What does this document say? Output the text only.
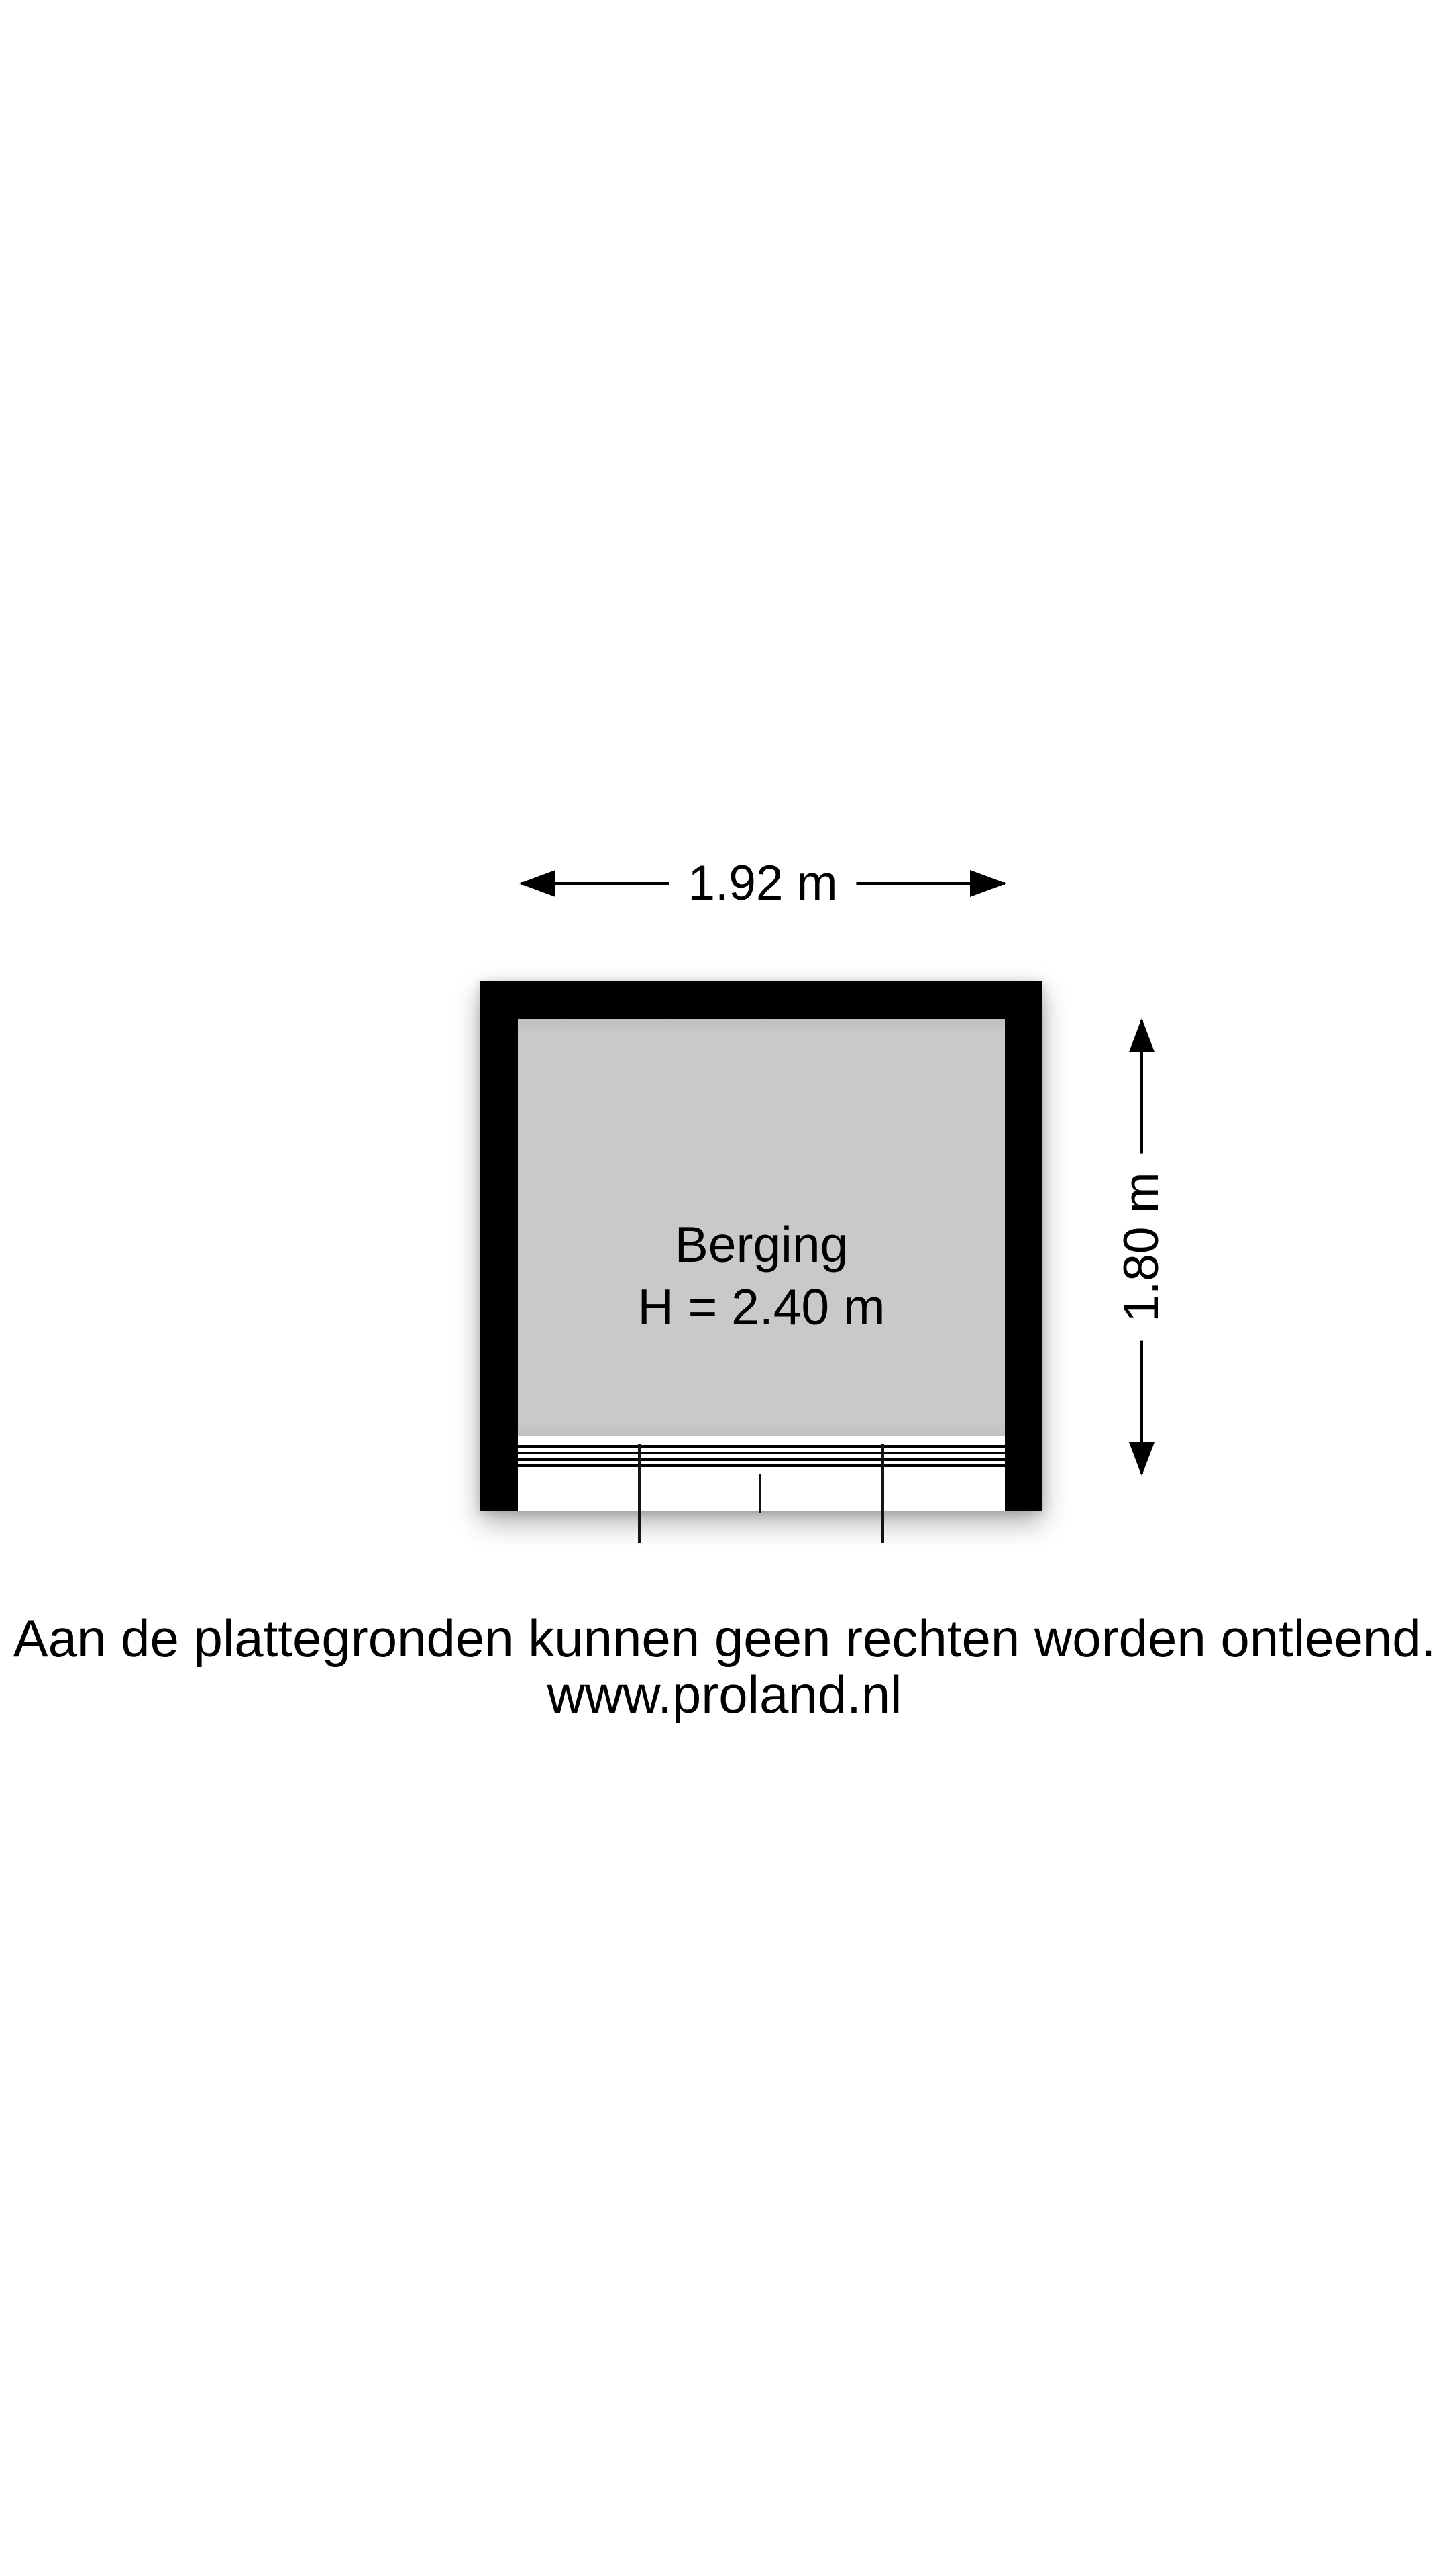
1.92 m
Berging
H = 2.40 m	1.80 m
Aan de plattegronden kunnen geen rechten worden ontleend.
www.proland.nl
